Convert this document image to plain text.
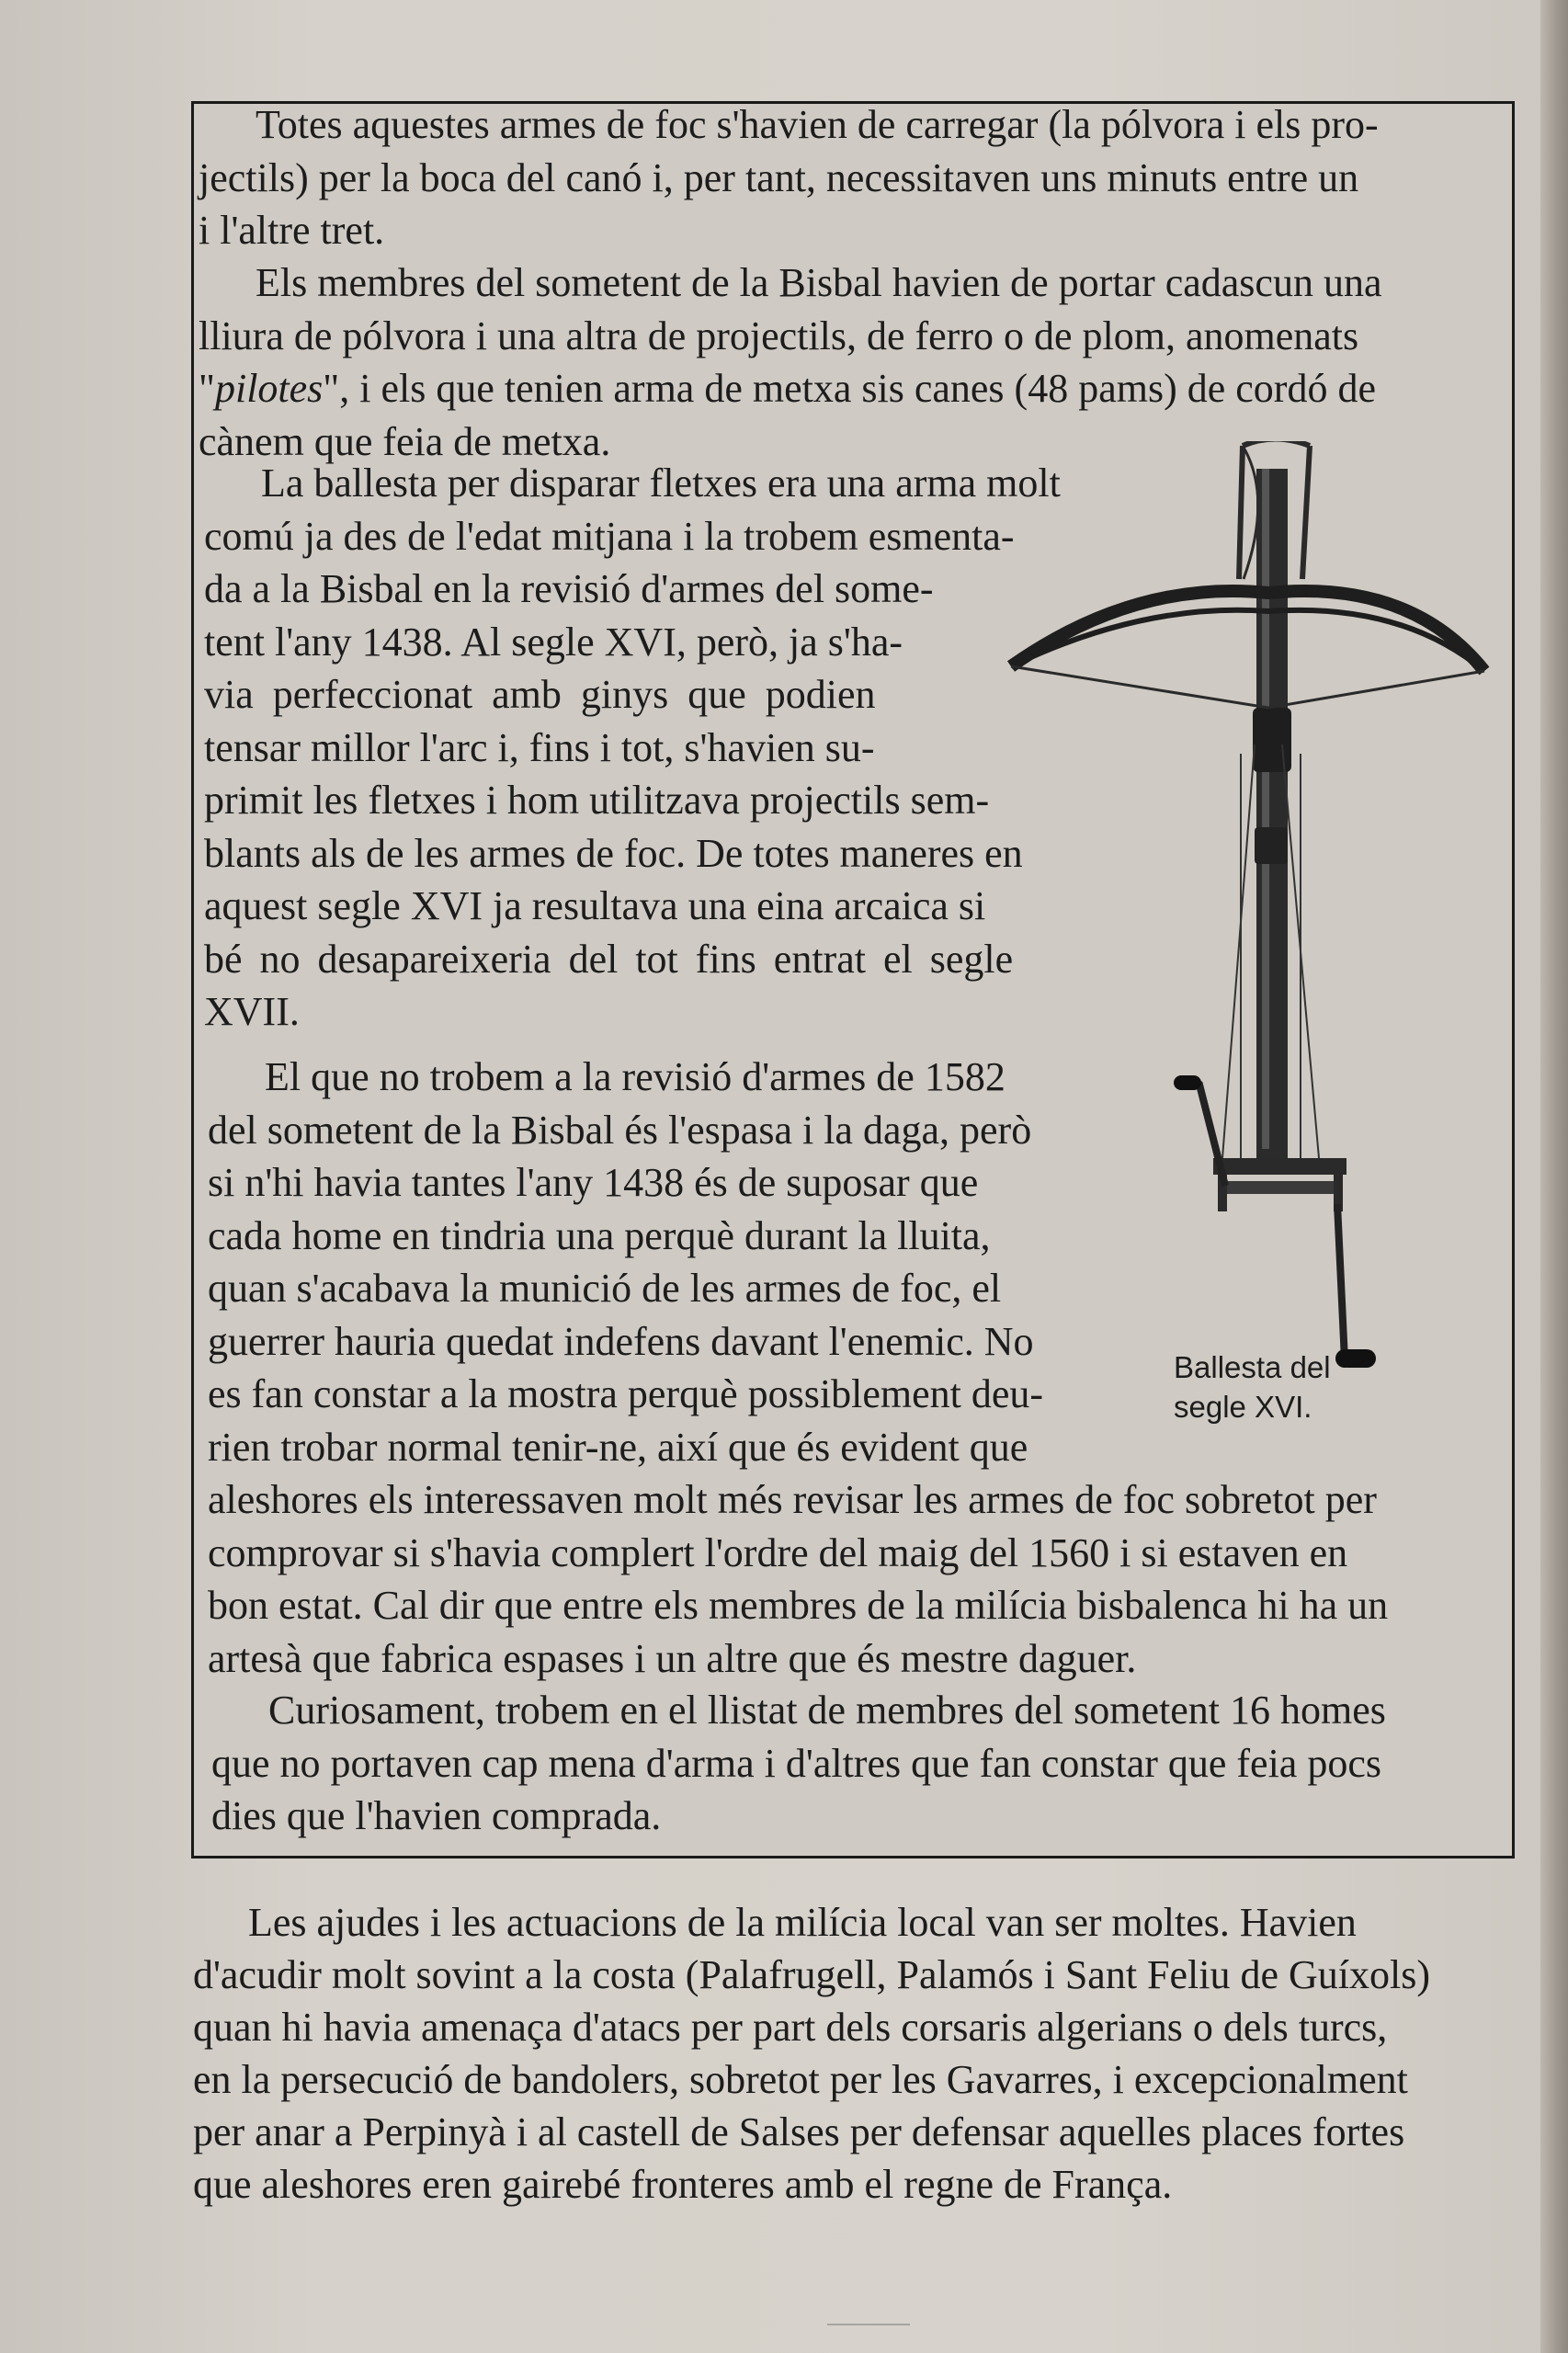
Totes aquestes armes de foc s'havien de carregar (la pólvora i els pro-
jectils) per la boca del canó i, per tant, necessitaven uns minuts entre un
i l'altre tret.

Els membres del sometent de la Bisbal havien de portar cadascun una
lliura de pólvora i una altra de projectils, de ferro o de plom, anomenats
"pilotes", i els que tenien arma de metxa sis canes (48 pams) de cordó de
cànem que feia de metxa.

La ballesta per disparar fletxes era una arma molt
comú ja des de l'edat mitjana i la trobem esmenta-
da a la Bisbal en la revisió d'armes del some-
tent l'any 1438. Al segle XVI, però, ja s'ha-
via perfeccionat amb ginys que podien
tensar millor l'arc i, fins i tot, s'havien su-
primit les fletxes i hom utilitzava projectils sem-
blants als de les armes de foc. De totes maneres en
aquest segle XVI ja resultava una eina arcaica si
bé no desapareixeria del tot fins entrat el segle
XVII.

El que no trobem a la revisió d'armes de 1582
del sometent de la Bisbal és l'espasa i la daga, però
si n'hi havia tantes l'any 1438 és de suposar que
cada home en tindria una perquè durant la lluita,
quan s'acabava la munició de les armes de foc, el
guerrer hauria quedat indefens davant l'enemic. No
es fan constar a la mostra perquè possiblement deu-
rien trobar normal tenir-ne, així que és evident que
aleshores els interessaven molt més revisar les armes de foc sobretot per
comprovar si s'havia complert l'ordre del maig del 1560 i si estaven en
bon estat. Cal dir que entre els membres de la milícia bisbalenca hi ha un
artesà que fabrica espases i un altre que és mestre daguer.

Curiosament, trobem en el llistat de membres del sometent 16 homes
que no portaven cap mena d'arma i d'altres que fan constar que feia pocs
dies que l'havien comprada.

Ballesta del
segle XVI.

Les ajudes i les actuacions de la milícia local van ser moltes. Havien
d'acudir molt sovint a la costa (Palafrugell, Palamós i Sant Feliu de Guíxols)
quan hi havia amenaça d'atacs per part dels corsaris algerians o dels turcs,
en la persecució de bandolers, sobretot per les Gavarres, i excepcionalment
per anar a Perpinyà i al castell de Salses per defensar aquelles places fortes
que aleshores eren gairebé fronteres amb el regne de França.
